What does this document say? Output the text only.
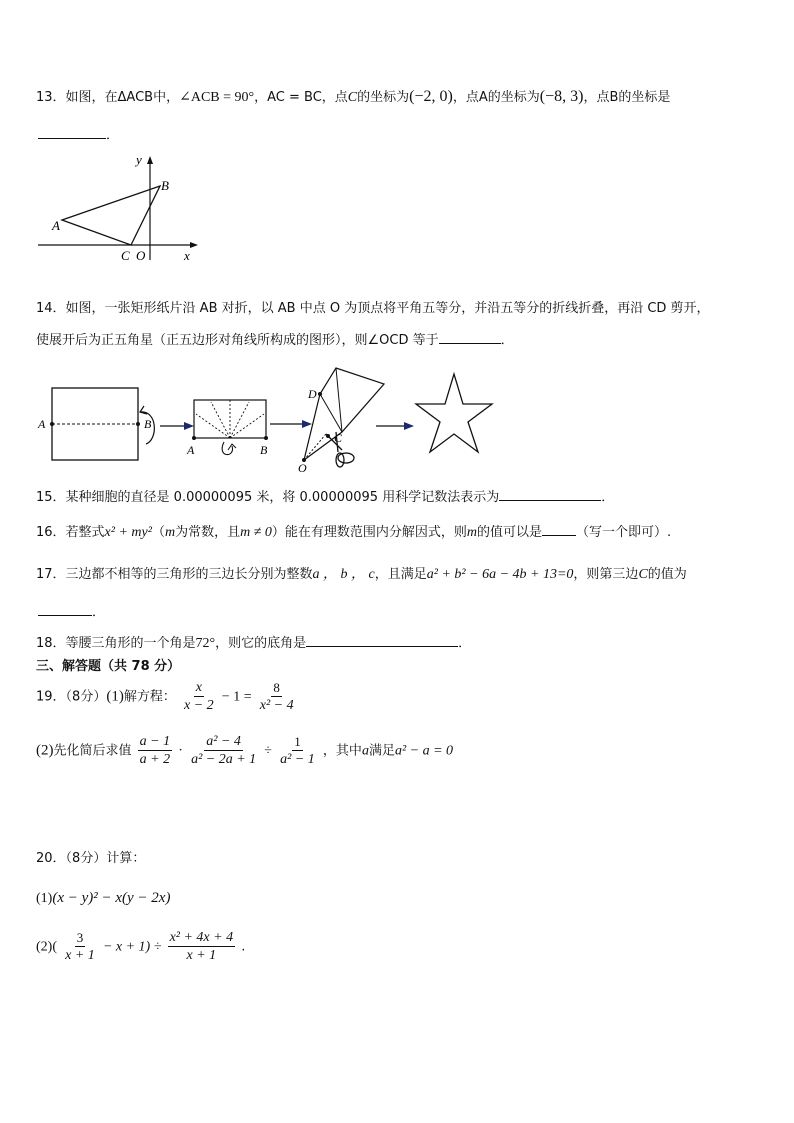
13．如图，在ΔACB中，∠ACB = 90°，AC = BC，点C的坐标为(−2, 0)，点A的坐标为(−8, 3)，点B的坐标是
．
y
x
A
B
C O
14．如图，一张矩形纸片沿 AB 对折，以 AB 中点 O 为顶点将平角五等分，并沿五等分的折线折叠，再沿 CD 剪开，
使展开后为正五角星（正五边形对角线所构成的图形），则∠OCD 等于	．
A	B
A	B
D
C
O
15．某种细胞的直径是 0.00000095 米，将 0.00000095 用科学记数法表示为	．
16．若整式x² + my²（m为常数，且m ≠ 0）能在有理数范围内分解因式，则m的值可以是	（写一个即可）.
17．三边都不相等的三角形的三边长分别为整数a ， b ， c，且满足a² + b² − 6a − 4b + 13=0，则第三边C的值为
．
18．等腰三角形的一个角是72°，则它的底角是	．
三、解答题（共 78 分）
19．（8分）(1)解方程： $\frac{x}{x - 2} - 1 = \frac{8}{\text{x² − 4}}$
(2)先化简后求值 $\frac{a - 1}{a + 2} \cdot \frac{\text{a² − 4}}{\text{a² − 2a + 1}} \div \frac{1}{\text{a² − 1}}$ ，其中a满足a² − a = 0
20．（8分）计算：
(1)(x − y)² − x(y − 2x)
$(2)( \frac{3}{x + 1} - x + 1) \div \frac{\text{x² + 4x + 4}}{x + 1}$ .
